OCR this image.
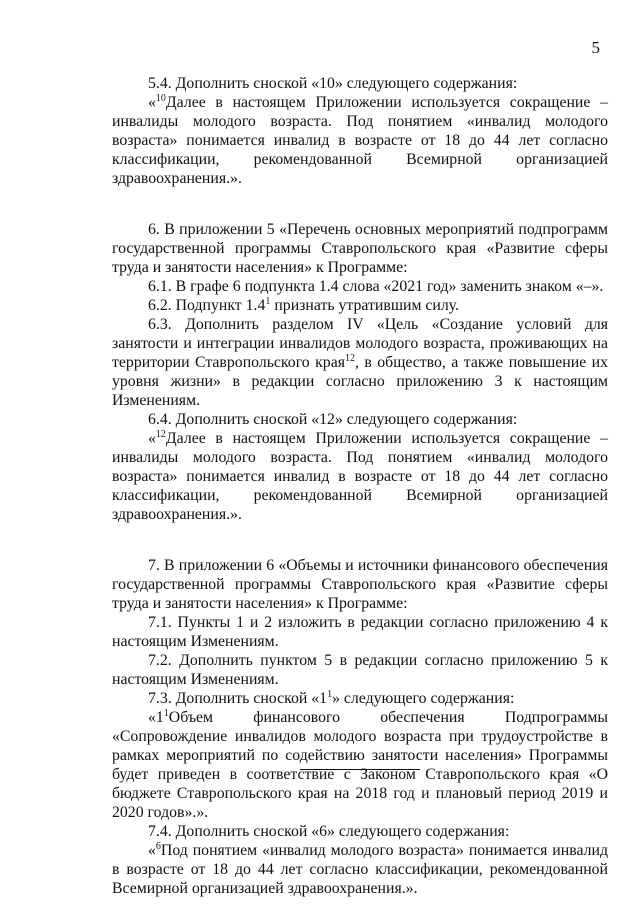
5

5.4. Дополнить сноской «10» следующего содержания:

«$^{10}$Далее в настоящем Приложении используется сокращение – инвалиды молодого возраста. Под понятием «инвалид молодого возраста» понимается инвалид в возрасте от 18 до 44 лет согласно классификации, рекомендованной Всемирной организацией здравоохранения.».

6. В приложении 5 «Перечень основных мероприятий подпрограмм государственной программы Ставропольского края «Развитие сферы труда и занятости населения» к Программе:

6.1. В графе 6 подпункта 1.4 слова «2021 год» заменить знаком «–».

6.2. Подпункт $1.4^1$ признать утратившим силу.

6.3. Дополнить разделом IV «Цель «Создание условий для занятости и интеграции инвалидов молодого возраста, проживающих на территории Ставропольского края$^{12}$, в общество, а также повышение их уровня жизни» в редакции согласно приложению 3 к настоящим Изменениям.

6.4. Дополнить сноской «12» следующего содержания:

«$^{12}$Далее в настоящем Приложении используется сокращение – инвалиды молодого возраста. Под понятием «инвалид молодого возраста» понимается инвалид в возрасте от 18 до 44 лет согласно классификации, рекомендованной Всемирной организацией здравоохранения.».

7. В приложении 6 «Объемы и источники финансового обеспечения государственной программы Ставропольского края «Развитие сферы труда и занятости населения» к Программе:

7.1. Пункты 1 и 2 изложить в редакции согласно приложению 4 к настоящим Изменениям.

7.2. Дополнить пунктом 5 в редакции согласно приложению 5 к настоящим Изменениям.

7.3. Дополнить сноской «$1^1$» следующего содержания:

«$1^1Объем$ финансового обеспечения Подпрограммы «Сопровождение инвалидов молодого возраста при трудоустройстве в рамках мероприятий по содействию занятости населения» Программы будет приведен в соответствие с Законом Ставропольского края «О бюджете Ставропольского края на 2018 год и плановый период 2019 и 2020 годов».».

7.4. Дополнить сноской «6» следующего содержания:

«$^6$Под понятием «инвалид молодого возраста» понимается инвалид в возрасте от 18 до 44 лет согласно классификации, рекомендованной Всемирной организацией здравоохранения.».
